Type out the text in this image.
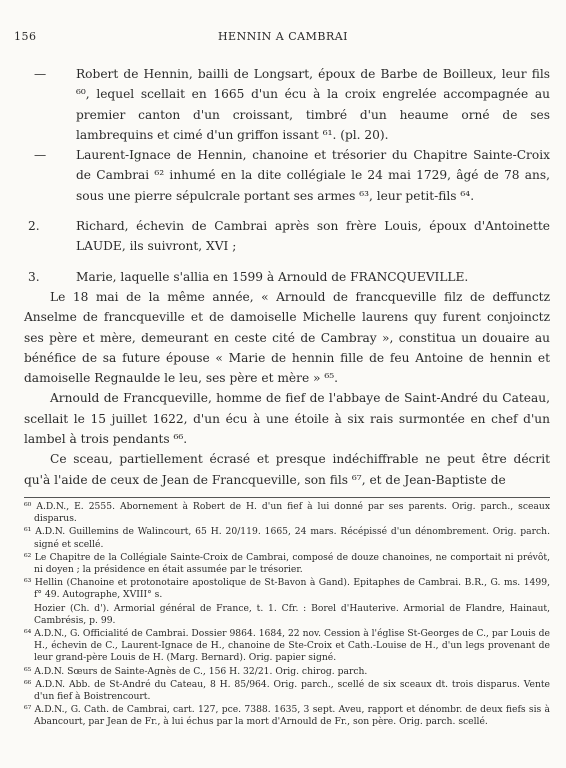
156	HENNIN A CAMBRAI

—	Robert de Hennin, bailli de Longsart, époux de Barbe de Boilleux, leur fils ⁶⁰, lequel scellait en 1665 d'un écu à la croix engrelée accompagnée au premier canton d'un croissant, timbré d'un heaume orné de ses lambrequins et cimé d'un griffon issant ⁶¹. (pl. 20).

—	Laurent-Ignace de Hennin, chanoine et trésorier du Chapitre Sainte-Croix de Cambrai ⁶² inhumé en la dite collégiale le 24 mai 1729, âgé de 78 ans, sous une pierre sépulcrale portant ses armes ⁶³, leur petit-fils ⁶⁴.

2.	Richard, échevin de Cambrai après son frère Louis, époux d'Antoinette LAUDE, ils suivront, XVI ;

3.	Marie, laquelle s'allia en 1599 à Arnould de FRANCQUEVILLE.

Le 18 mai de la même année, « Arnould de francqueville filz de deffunctz Anselme de francqueville et de damoiselle Michelle laurens quy furent conjoinctz ses père et mère, demeurant en ceste cité de Cambray », constitua un douaire au bénéfice de sa future épouse « Marie de hennin fille de feu Antoine de hennin et damoiselle Regnaulde le leu, ses père et mère » ⁶⁵.

Arnould de Francqueville, homme de fief de l'abbaye de Saint-André du Cateau, scellait le 15 juillet 1622, d'un écu à une étoile à six rais surmontée en chef d'un lambel à trois pendants ⁶⁶.

Ce sceau, partiellement écrasé et presque indéchiffrable ne peut être décrit qu'à l'aide de ceux de Jean de Francqueville, son fils ⁶⁷, et de Jean-Baptiste de

⁶⁰ A.D.N., E. 2555. Abornement à Robert de H. d'un fief à lui donné par ses parents. Orig. parch., sceaux disparus.

⁶¹ A.D.N. Guillemins de Walincourt, 65 H. 20/119. 1665, 24 mars. Récépissé d'un dénombrement. Orig. parch. signé et scellé.

⁶² Le Chapitre de la Collégiale Sainte-Croix de Cambrai, composé de douze chanoines, ne comportait ni prévôt, ni doyen ; la présidence en était assumée par le trésorier.

⁶³ Hellin (Chanoine et protonotaire apostolique de St-Bavon à Gand). Epitaphes de Cambrai. B.R., G. ms. 1499, f° 49. Autographe, XVIII° s.

Hozier (Ch. d'). Armorial général de France, t. 1. Cfr. : Borel d'Hauterive. Armorial de Flandre, Hainaut, Cambrésis, p. 99.

⁶⁴ A.D.N., G. Officialité de Cambrai. Dossier 9864. 1684, 22 nov. Cession à l'église St-Georges de C., par Louis de H., échevin de C., Laurent-Ignace de H., chanoine de Ste-Croix et Cath.-Louise de H., d'un legs provenant de leur grand-père Louis de H. (Marg. Bernard). Orig. papier signé.

⁶⁵ A.D.N. Sœurs de Sainte-Agnès de C., 156 H. 32/21. Orig. chirog. parch.

⁶⁶ A.D.N. Abb. de St-André du Cateau, 8 H. 85/964. Orig. parch., scellé de six sceaux dt. trois disparus. Vente d'un fief à Boistrencourt.

⁶⁷ A.D.N., G. Cath. de Cambrai, cart. 127, pce. 7388. 1635, 3 sept. Aveu, rapport et dénombr. de deux fiefs sis à Abancourt, par Jean de Fr., à lui échus par la mort d'Arnould de Fr., son père. Orig. parch. scellé.
